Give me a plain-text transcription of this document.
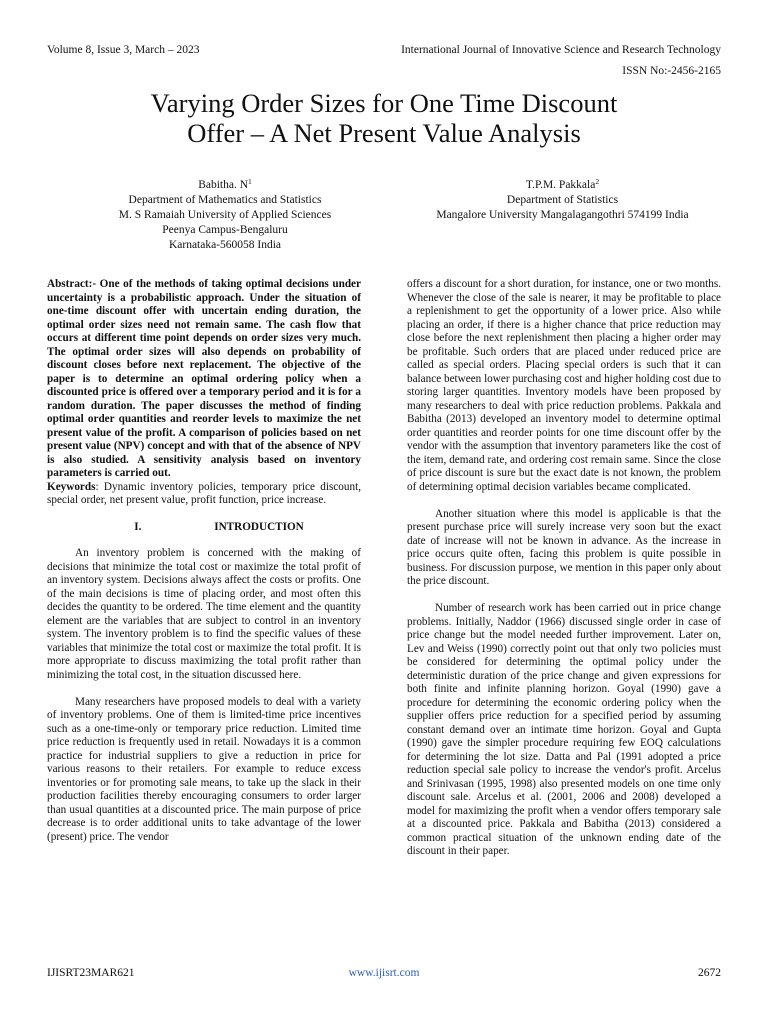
Volume 8, Issue 3, March – 2023	International Journal of Innovative Science and Research Technology
ISSN No:-2456-2165
Varying Order Sizes for One Time Discount
Offer – A Net Present Value Analysis
Babitha. $N^1$
Department of Mathematics and Statistics
M. S Ramaiah University of Applied Sciences
Peenya Campus-Bengaluru
Karnataka-560058 India
T.P.M. Pakkala$^2$
Department of Statistics
Mangalore University Mangalagangothri 574199 India

Abstract:- One of the methods of taking optimal decisions under uncertainty is a probabilistic approach. Under the situation of one-time discount offer with uncertain ending duration, the optimal order sizes need not remain same. The cash flow that occurs at different time point depends on order sizes very much. The optimal order sizes will also depends on probability of discount closes before next replacement. The objective of the paper is to determine an optimal ordering policy when a discounted price is offered over a temporary period and it is for a random duration. The paper discusses the method of finding optimal order quantities and reorder levels to maximize the net present value of the profit. A comparison of policies based on net present value (NPV) concept and with that of the absence of NPV is also studied. A sensitivity analysis based on inventory parameters is carried out.

Keywords: Dynamic inventory policies, temporary price discount, special order, net present value, profit function, price increase.

I.	INTRODUCTION

An inventory problem is concerned with the making of decisions that minimize the total cost or maximize the total profit of an inventory system. Decisions always affect the costs or profits. One of the main decisions is time of placing order, and most often this decides the quantity to be ordered. The time element and the quantity element are the variables that are subject to control in an inventory system. The inventory problem is to find the specific values of these variables that minimize the total cost or maximize the total profit. It is more appropriate to discuss maximizing the total profit rather than minimizing the total cost, in the situation discussed here.

Many researchers have proposed models to deal with a variety of inventory problems. One of them is limited-time price incentives such as a one-time-only or temporary price reduction. Limited time price reduction is frequently used in retail. Nowadays it is a common practice for industrial suppliers to give a reduction in price for various reasons to their retailers. For example to reduce excess inventories or for promoting sale means, to take up the slack in their production facilities thereby encouraging consumers to order larger than usual quantities at a discounted price. The main purpose of price decrease is to order additional units to take advantage of the lower (present) price. The vendor

offers a discount for a short duration, for instance, one or two months. Whenever the close of the sale is nearer, it may be profitable to place a replenishment to get the opportunity of a lower price. Also while placing an order, if there is a higher chance that price reduction may close before the next replenishment then placing a higher order may be profitable. Such orders that are placed under reduced price are called as special orders. Placing special orders is such that it can balance between lower purchasing cost and higher holding cost due to storing larger quantities. Inventory models have been proposed by many researchers to deal with price reduction problems. Pakkala and Babitha (2013) developed an inventory model to determine optimal order quantities and reorder points for one time discount offer by the vendor with the assumption that inventory parameters like the cost of the item, demand rate, and ordering cost remain same. Since the close of price discount is sure but the exact date is not known, the problem of determining optimal decision variables became complicated.

Another situation where this model is applicable is that the present purchase price will surely increase very soon but the exact date of increase will not be known in advance. As the increase in price occurs quite often, facing this problem is quite possible in business. For discussion purpose, we mention in this paper only about the price discount.

Number of research work has been carried out in price change problems. Initially, Naddor (1966) discussed single order in case of price change but the model needed further improvement. Later on, Lev and Weiss (1990) correctly point out that only two policies must be considered for determining the optimal policy under the deterministic duration of the price change and given expressions for both finite and infinite planning horizon. Goyal (1990) gave a procedure for determining the economic ordering policy when the supplier offers price reduction for a specified period by assuming constant demand over an intimate time horizon. Goyal and Gupta (1990) gave the simpler procedure requiring few EOQ calculations for determining the lot size. Datta and Pal (1991 adopted a price reduction special sale policy to increase the vendor's profit. Arcelus and Srinivasan (1995, 1998) also presented models on one time only discount sale. Arcelus et al. (2001, 2006 and 2008) developed a model for maximizing the profit when a vendor offers temporary sale at a discounted price. Pakkala and Babitha (2013) considered a common practical situation of the unknown ending date of the discount in their paper.

IJISRT23MAR621	www.ijisrt.com	2672
